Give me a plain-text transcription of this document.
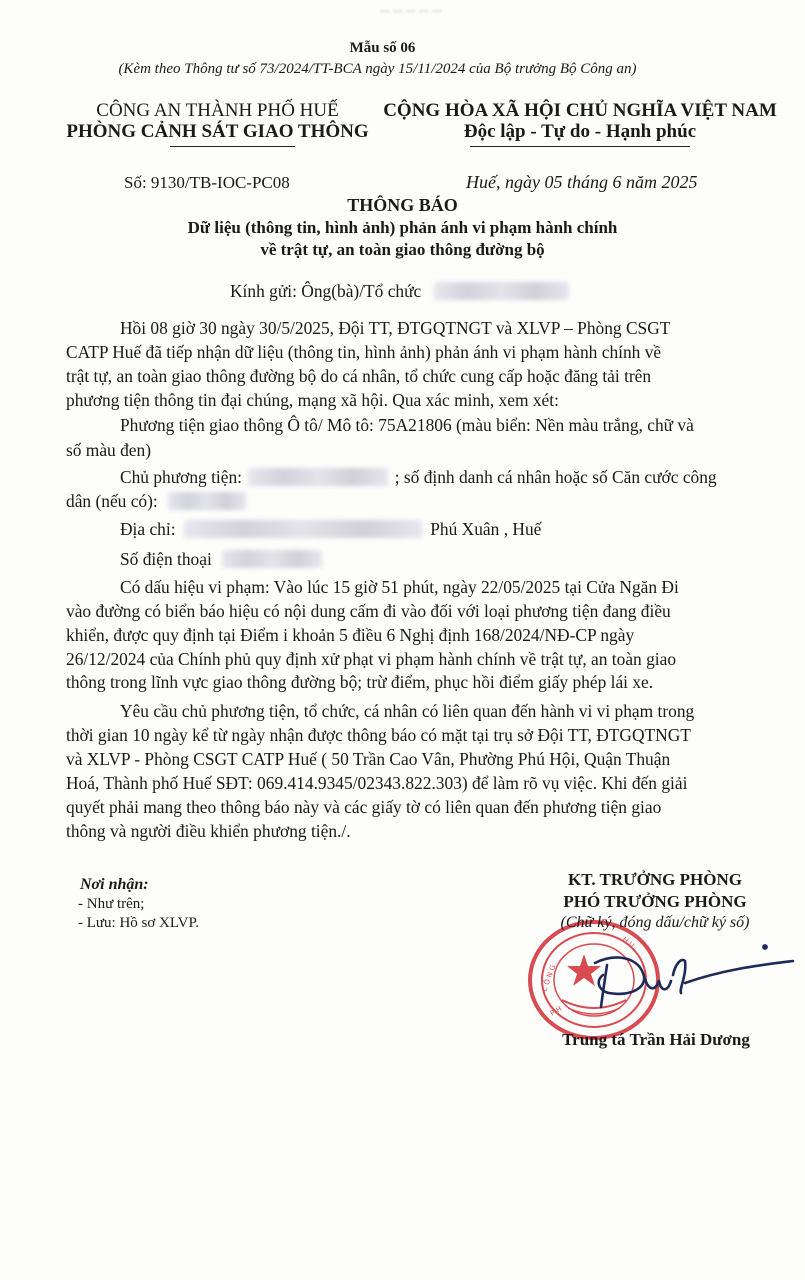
... ... ... ... ...
Mẫu số 06
(Kèm theo Thông tư số 73/2024/TT-BCA ngày 15/11/2024 của Bộ trưởng Bộ Công an)
CÔNG AN THÀNH PHỐ HUẾ
PHÒNG CẢNH SÁT GIAO THÔNG
CỘNG HÒA XÃ HỘI CHỦ NGHĨA VIỆT NAM
Độc lập - Tự do - Hạnh phúc
Số: 9130/TB-IOC-PC08	Huế, ngày 05 tháng 6 năm 2025
THÔNG BÁO
Dữ liệu (thông tin, hình ảnh) phản ánh vi phạm hành chính
về trật tự, an toàn giao thông đường bộ
Kính gửi: Ông(bà)/Tổ chức
Hồi 08 giờ 30 ngày 30/5/2025, Đội TT, ĐTGQTNGT và XLVP – Phòng CSGT
CATP Huế đã tiếp nhận dữ liệu (thông tin, hình ảnh) phản ánh vi phạm hành chính về
trật tự, an toàn giao thông đường bộ do cá nhân, tổ chức cung cấp hoặc đăng tải trên
phương tiện thông tin đại chúng, mạng xã hội. Qua xác minh, xem xét:
Phương tiện giao thông Ô tô/ Mô tô: 75A21806 (màu biển: Nền màu trắng, chữ và
số màu đen)
Chủ phương tiện:	; số định danh cá nhân hoặc số Căn cước công
dân (nếu có):
Địa chỉ:	Phú Xuân , Huế
Số điện thoại
Có dấu hiệu vi phạm: Vào lúc 15 giờ 51 phút, ngày 22/05/2025 tại Cửa Ngăn Đi
vào đường có biển báo hiệu có nội dung cấm đi vào đối với loại phương tiện đang điều
khiển, được quy định tại Điểm i khoản 5 điều 6 Nghị định 168/2024/NĐ-CP ngày
26/12/2024 của Chính phủ quy định xử phạt vi phạm hành chính về trật tự, an toàn giao
thông trong lĩnh vực giao thông đường bộ; trừ điểm, phục hồi điểm giấy phép lái xe.
Yêu cầu chủ phương tiện, tổ chức, cá nhân có liên quan đến hành vi vi phạm trong
thời gian 10 ngày kể từ ngày nhận được thông báo có mặt tại trụ sở Đội TT, ĐTGQTNGT
và XLVP - Phòng CSGT CATP Huế ( 50 Trần Cao Vân, Phường Phú Hội, Quận Thuận
Hoá, Thành phố Huế SĐT: 069.414.9345/02343.822.303) để làm rõ vụ việc. Khi đến giải
quyết phải mang theo thông báo này và các giấy tờ có liên quan đến phương tiện giao
thông và người điều khiển phương tiện./.
Nơi nhận:
- Như trên;
- Lưu: Hồ sơ XLVP.
C Ô N G
H U
P H
KT. TRƯỞNG PHÒNG
PHÓ TRƯỞNG PHÒNG
(Chữ ký, đóng dấu/chữ ký số)
Trung tá Trần Hải Dương
